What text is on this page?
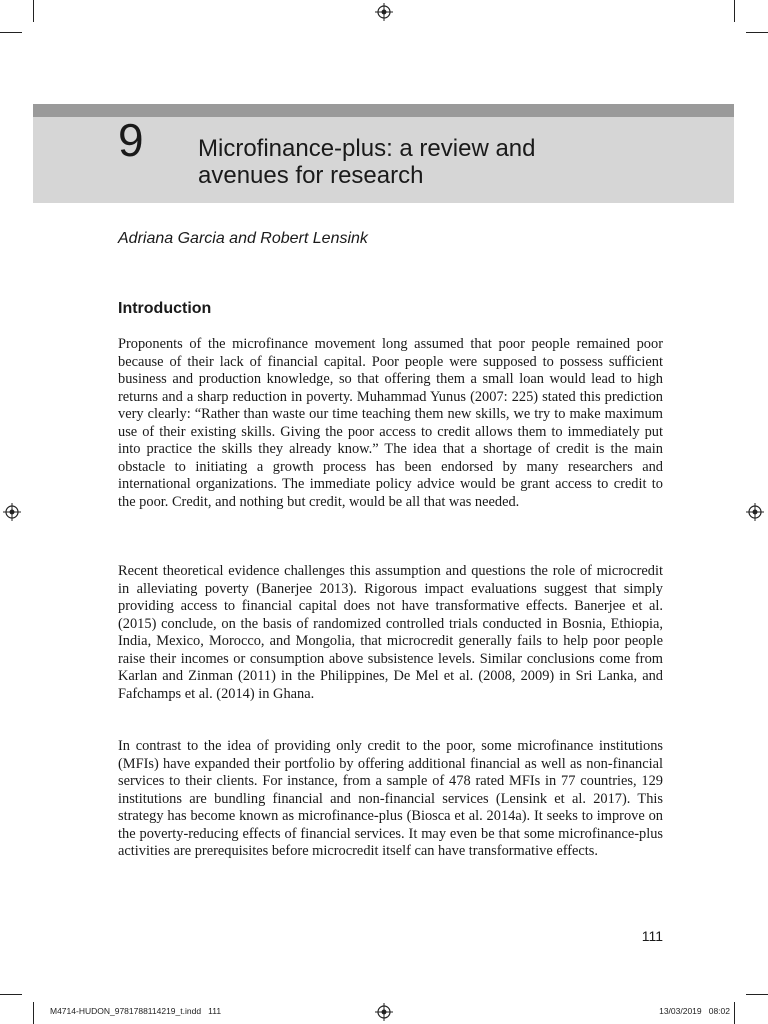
9 Microfinance-plus: a review and
avenues for research
Adriana Garcia and Robert Lensink
Introduction

Proponents of the microfinance movement long assumed that poor people remained poor because of their lack of financial capital. Poor people were supposed to possess sufficient business and production knowledge, so that offering them a small loan would lead to high returns and a sharp reduction in poverty. Muhammad Yunus (2007: 225) stated this prediction very clearly: “Rather than waste our time teaching them new skills, we try to make maximum use of their existing skills. Giving the poor access to credit allows them to immediately put into practice the skills they already know.” The idea that a shortage of credit is the main obstacle to initiating a growth process has been endorsed by many researchers and international organizations. The immediate policy advice would be grant access to credit to the poor. Credit, and nothing but credit, would be all that was needed.

Recent theoretical evidence challenges this assumption and questions the role of microcredit in alleviating poverty (Banerjee 2013). Rigorous impact evaluations suggest that simply providing access to financial capital does not have transformative effects. Banerjee et al. (2015) conclude, on the basis of randomized controlled trials conducted in Bosnia, Ethiopia, India, Mexico, Morocco, and Mongolia, that microcredit generally fails to help poor people raise their incomes or consumption above subsistence levels. Similar conclusions come from Karlan and Zinman (2011) in the Philippines, De Mel et al. (2008, 2009) in Sri Lanka, and Fafchamps et al. (2014) in Ghana.

In contrast to the idea of providing only credit to the poor, some microfinance institutions (MFIs) have expanded their portfolio by offering additional financial as well as non-financial services to their clients. For instance, from a sample of 478 rated MFIs in 77 countries, 129 institutions are bundling financial and non-financial services (Lensink et al. 2017). This strategy has become known as microfinance-plus (Biosca et al. 2014a). It seeks to improve on the poverty-reducing effects of financial services. It may even be that some microfinance-plus activities are prerequisites before microcredit itself can have transformative effects.

111
M4714-HUDON_9781788114219_t.indd   111	13/03/2019   08:02
